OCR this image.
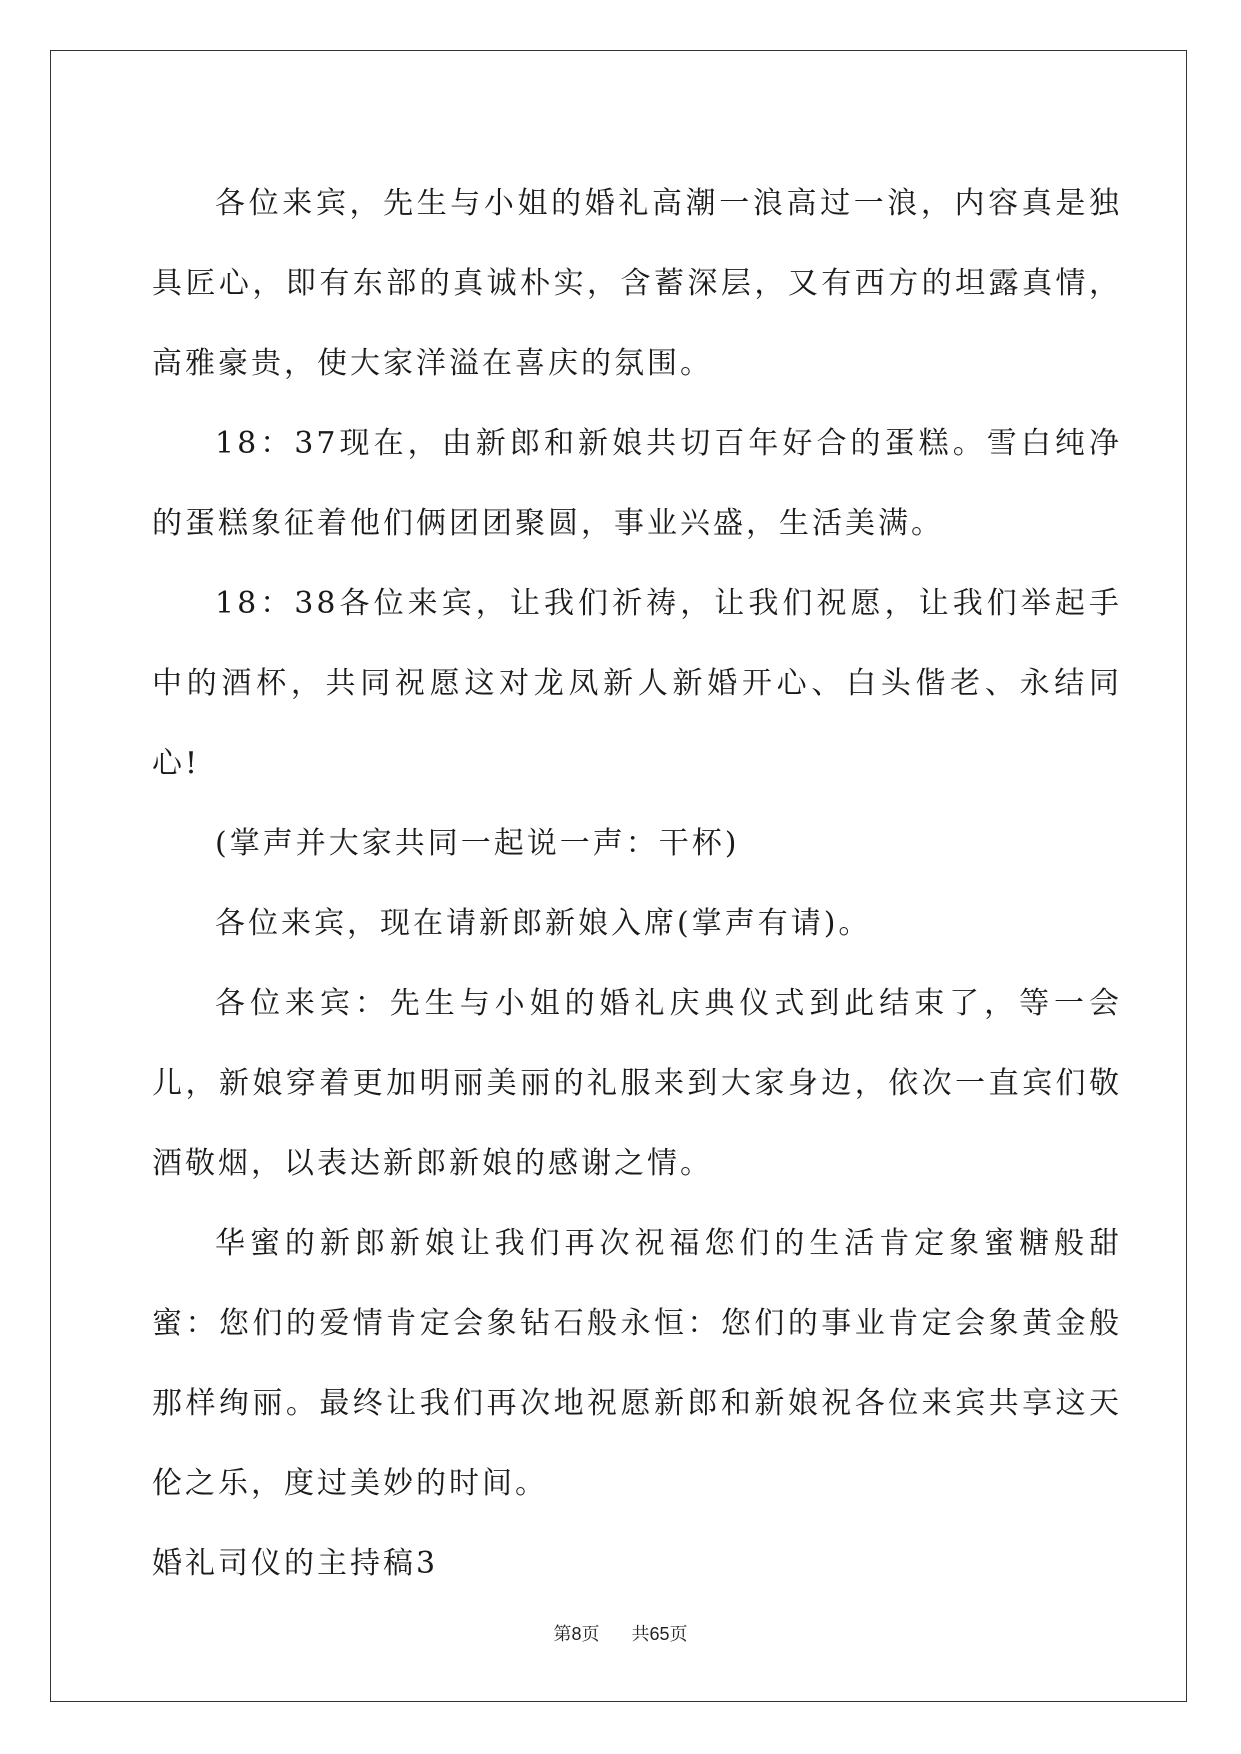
各位来宾，先生与小姐的婚礼高潮一浪高过一浪，内容真是独具匠心，即有东部的真诚朴实，含蓄深层，又有西方的坦露真情，高雅豪贵，使大家洋溢在喜庆的氛围。

18：37现在，由新郎和新娘共切百年好合的蛋糕。雪白纯净的蛋糕象征着他们俩团团聚圆，事业兴盛，生活美满。

18：38各位来宾，让我们祈祷，让我们祝愿，让我们举起手中的酒杯，共同祝愿这对龙凤新人新婚开心、白头偕老、永结同心!

(掌声并大家共同一起说一声：干杯)

各位来宾，现在请新郎新娘入席(掌声有请)。

各位来宾：先生与小姐的婚礼庆典仪式到此结束了，等一会儿，新娘穿着更加明丽美丽的礼服来到大家身边，依次一直宾们敬酒敬烟，以表达新郎新娘的感谢之情。

华蜜的新郎新娘让我们再次祝福您们的生活肯定象蜜糖般甜蜜：您们的爱情肯定会象钻石般永恒：您们的事业肯定会象黄金般那样绚丽。最终让我们再次地祝愿新郎和新娘祝各位来宾共享这天伦之乐，度过美妙的时间。

婚礼司仪的主持稿3

第8页 共65页
